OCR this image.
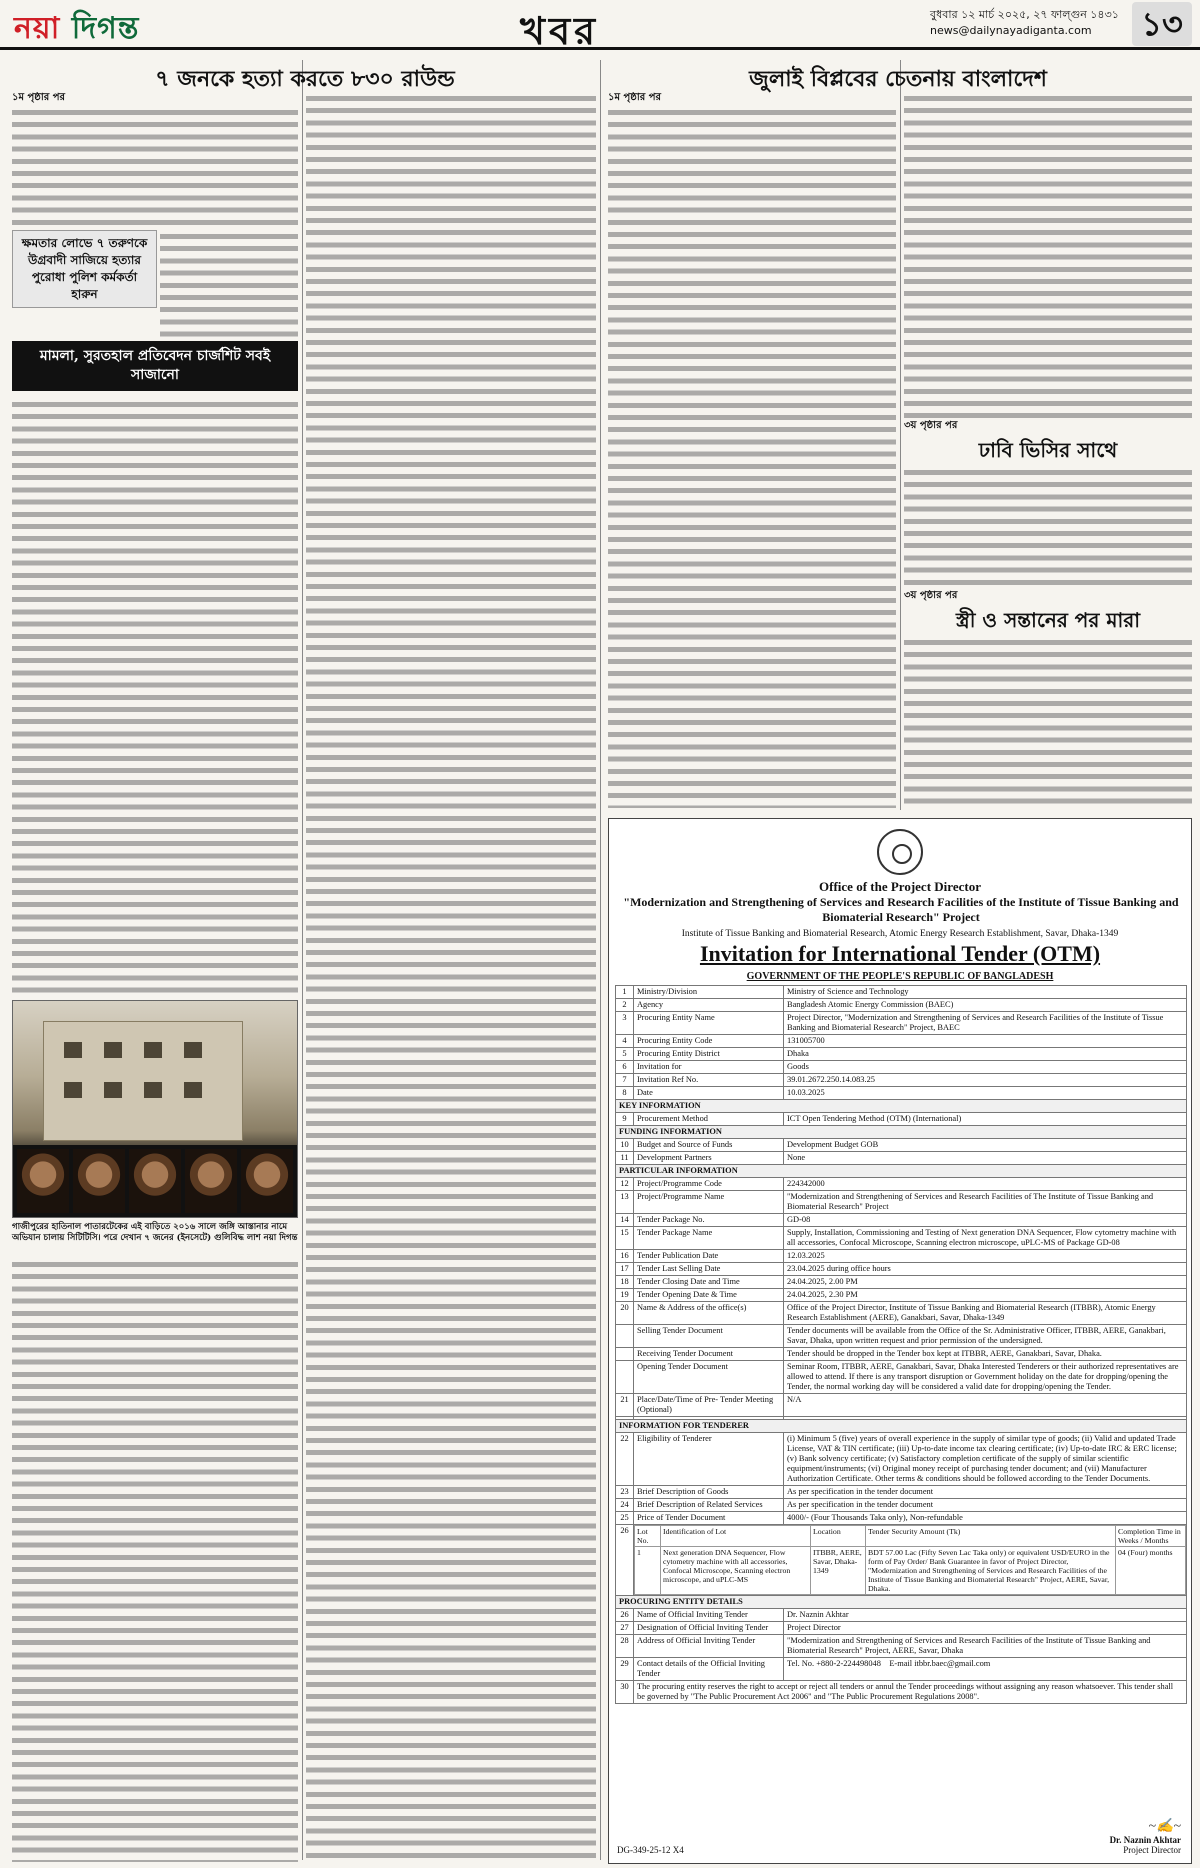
নয়া দিগন্ত	খবর	বুধবার ১২ মার্চ ২০২৫, ২৭ ফাল্গুন ১৪৩১
news@dailynayadiganta.com ১৩
৭ জনকে হত্যা করতে ৮৩০ রাউন্ড
১ম পৃষ্ঠার পর
ক্ষমতার লোভে ৭ তরুণকে উগ্রবাদী সাজিয়ে হত্যার পুরোধা পুলিশ কর্মকর্তা হারুন
মামলা, সুরতহাল প্রতিবেদন চার্জশিট সবই সাজানো
গাজীপুরের হাতিনাল পাতারটেকের এই বাড়িতে ২০১৬ সালে জঙ্গি আস্তানার নামে অভিযান চালায় সিটিটিসি। পরে দেখান ৭ জনের (ইনসেটে) গুলিবিদ্ধ লাশ নয়া দিগন্ত
জুলাই বিপ্লবের চেতনায় বাংলাদেশ
১ম পৃষ্ঠার পর
৩য় পৃষ্ঠার পর
ঢাবি ভিসির সাথে
৩য় পৃষ্ঠার পর
স্ত্রী ও সন্তানের পর মারা
Office of the Project Director
"Modernization and Strengthening of Services and Research Facilities of the Institute of Tissue Banking and Biomaterial Research" Project
Institute of Tissue Banking and Biomaterial Research, Atomic Energy Research Establishment, Savar, Dhaka-1349
Invitation for International Tender (OTM)
GOVERNMENT OF THE PEOPLE'S REPUBLIC OF BANGLADESH
1	Ministry/Division	Ministry of Science and Technology
2	Agency	Bangladesh Atomic Energy Commission (BAEC)
3	Procuring Entity Name	Project Director, "Modernization and Strengthening of Services and Research Facilities of the Institute of Tissue Banking and Biomaterial Research" Project, BAEC
4	Procuring Entity Code	131005700
5	Procuring Entity District	Dhaka
6	Invitation for	Goods
7	Invitation Ref No.	39.01.2672.250.14.083.25
8	Date	10.03.2025
KEY INFORMATION
9	Procurement Method	ICT Open Tendering Method (OTM) (International)
FUNDING INFORMATION
10	Budget and Source of Funds	Development Budget GOB
11	Development Partners	None
PARTICULAR INFORMATION
12	Project/Programme Code	224342000
13	Project/Programme Name	"Modernization and Strengthening of Services and Research Facilities of The Institute of Tissue Banking and Biomaterial Research" Project
14	Tender Package No.	GD-08
15	Tender Package Name	Supply, Installation, Commissioning and Testing of Next generation DNA Sequencer, Flow cytometry machine with all accessories, Confocal Microscope, Scanning electron microscope, uPLC-MS of Package GD-08
16	Tender Publication Date	12.03.2025
17	Tender Last Selling Date	23.04.2025 during office hours
18	Tender Closing Date and Time	24.04.2025, 2.00 PM
19	Tender Opening Date & Time	24.04.2025, 2.30 PM
20	Name & Address of the office(s)	Office of the Project Director, Institute of Tissue Banking and Biomaterial Research (ITBBR), Atomic Energy Research Establishment (AERE), Ganakbari, Savar, Dhaka-1349
	Selling Tender Document	Tender documents will be available from the Office of the Sr. Administrative Officer, ITBBR, AERE, Ganakbari, Savar, Dhaka, upon written request and prior permission of the undersigned.
	Receiving Tender Document	Tender should be dropped in the Tender box kept at ITBBR, AERE, Ganakbari, Savar, Dhaka.
	Opening Tender Document	Seminar Room, ITBBR, AERE, Ganakbari, Savar, Dhaka Interested Tenderers or their authorized representatives are allowed to attend. If there is any transport disruption or Government holiday on the date for dropping/opening the Tender, the normal working day will be considered a valid date for dropping/opening the Tender.
21	Place/Date/Time of Pre- Tender Meeting (Optional)	N/A

INFORMATION FOR TENDERER
22	Eligibility of Tenderer	(i) Minimum 5 (five) years of overall experience in the supply of similar type of goods; (ii) Valid and updated Trade License, VAT & TIN certificate; (iii) Up-to-date income tax clearing certificate; (iv) Up-to-date IRC & ERC license; (v) Bank solvency certificate; (v) Satisfactory completion certificate of the supply of similar scientific equipment/instruments; (vi) Original money receipt of purchasing tender document; and (vii) Manufacturer Authorization Certificate. Other terms & conditions should be followed according to the Tender Documents.
23	Brief Description of Goods	As per specification in the tender document
24	Brief Description of Related Services	As per specification in the tender document
25	Price of Tender Document	4000/- (Four Thousands Taka only), Non-refundable
26	Lot No.	Identification of Lot	Location	Tender Security Amount (Tk)	Completion Time in Weeks / Months
1	Next generation DNA Sequencer, Flow cytometry machine with all accessories, Confocal Microscope, Scanning electron microscope, and uPLC-MS	ITBBR, AERE, Savar, Dhaka-1349	BDT 57.00 Lac (Fifty Seven Lac Taka only) or equivalent USD/EURO in the form of Pay Order/ Bank Guarantee in favor of Project Director, "Modernization and Strengthening of Services and Research Facilities of the Institute of Tissue Banking and Biomaterial Research" Project, AERE, Savar, Dhaka.	04 (Four) months

PROCURING ENTITY DETAILS
26	Name of Official Inviting Tender	Dr. Naznin Akhtar
27	Designation of Official Inviting Tender	Project Director
28	Address of Official Inviting Tender	"Modernization and Strengthening of Services and Research Facilities of the Institute of Tissue Banking and Biomaterial Research" Project, AERE, Savar, Dhaka
29	Contact details of the Official Inviting Tender	Tel. No. +880-2-224498048 E-mail itbbr.baec@gmail.com
30	The procuring entity reserves the right to accept or reject all tenders or annul the Tender proceedings without assigning any reason whatsoever. This tender shall be governed by "The Public Procurement Act 2006" and "The Public Procurement Regulations 2008".
DG-349-25-12 X4
~✍~
Dr. Naznin Akhtar
Project Director
